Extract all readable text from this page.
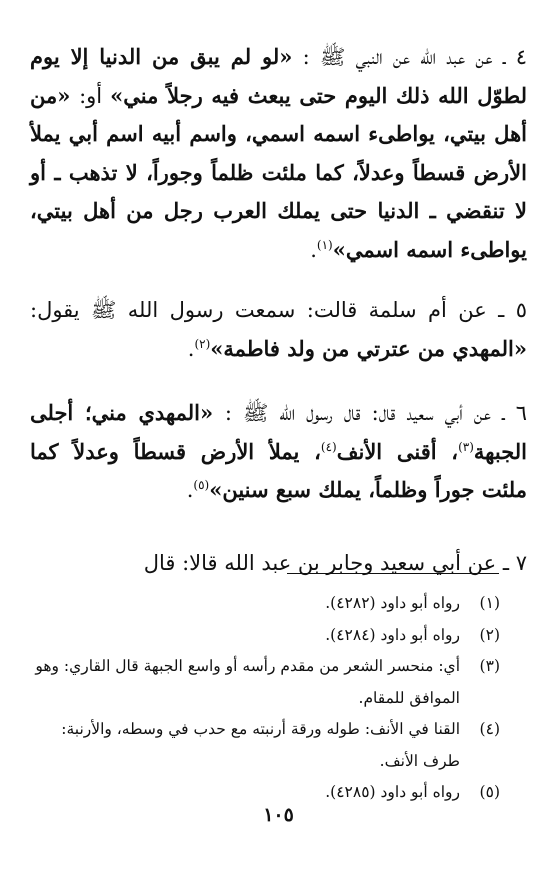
٤ ـ عن عبد الله عن النبي ﷺ : «لو لم يبق من الدنيا إلا يوم لطوّل الله ذلك اليوم حتى يبعث فيه رجلاً مني» أو: «من أهل بيتي، يواطىء اسمه اسمي، واسم أبيه اسم أبي يملأ الأرض قسطاً وعدلاً، كما ملئت ظلماً وجوراً، لا تذهب ـ أو لا تنقضي ـ الدنيا حتى يملك العرب رجل من أهل بيتي، يواطىء اسمه اسمي»$^{(١)}$.

٥ ـ عن أم سلمة قالت: سمعت رسول الله ﷺ يقول: «المهدي من عترتي من ولد فاطمة»$^{(٢)}$.

٦ ـ عن أبي سعيد قال: قال رسول الله ﷺ : «المهدي مني؛ أجلى الجبهة$^{(٣)}$، أقنى الأنف$^{(٤)}$، يملأ الأرض قسطاً وعدلاً كما ملئت جوراً وظلماً، يملك سبع سنين»$^{(٥)}$.

٧ ـ عن أبي سعيد وجابر بن عبد الله قالا: قال

(١)
رواه أبو داود (٤٢٨٢).
(٢)
رواه أبو داود (٤٢٨٤).
(٣)
أي: منحسر الشعر من مقدم رأسه أو واسع الجبهة قال القاري: وهو الموافق للمقام.
(٤)
القنا في الأنف: طوله ورقة أرنبته مع حدب في وسطه، والأرنبة: طرف الأنف.
(٥)
رواه أبو داود (٤٢٨٥).
١٠٥
